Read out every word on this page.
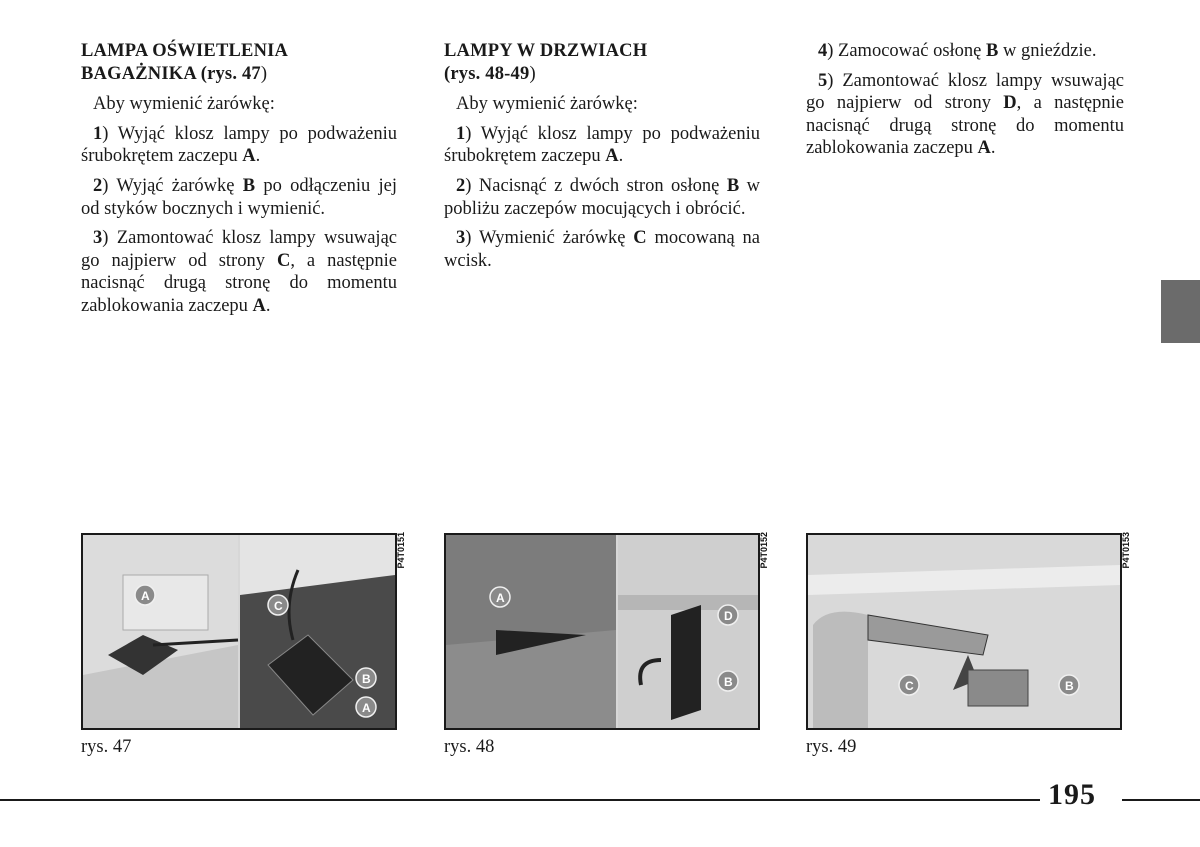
LAMPA OŚWIETLENIA
BAGAŻNIKA (rys. 47)

Aby wymienić żarówkę:

1) Wyjąć klosz lampy po podważeniu śrubokrętem zaczepu A.

2) Wyjąć żarówkę B po odłączeniu jej od styków bocznych i wymienić.

3) Zamontować klosz lampy wsuwając go najpierw od strony C, a następnie nacisnąć drugą stronę do momentu zablokowania zaczepu A.

LAMPY W DRZWIACH
(rys. 48-49)

Aby wymienić żarówkę:

1) Wyjąć klosz lampy po podważeniu śrubokrętem zaczepu A.

2) Nacisnąć z dwóch stron osłonę B w pobliżu zaczepów mocujących i obrócić.

3) Wymienić żarówkę C mocowaną na wcisk.

4) Zamocować osłonę B w gnieździe.

5) Zamontować klosz lampy wsuwając go najpierw od strony D, a następnie nacisnąć drugą stronę do momentu zablokowania zaczepu A.

A
C
B
A
P4T0151
rys. 47
A
D
B
P4T0152
rys. 48
C	B
P4T0153
rys. 49
195
